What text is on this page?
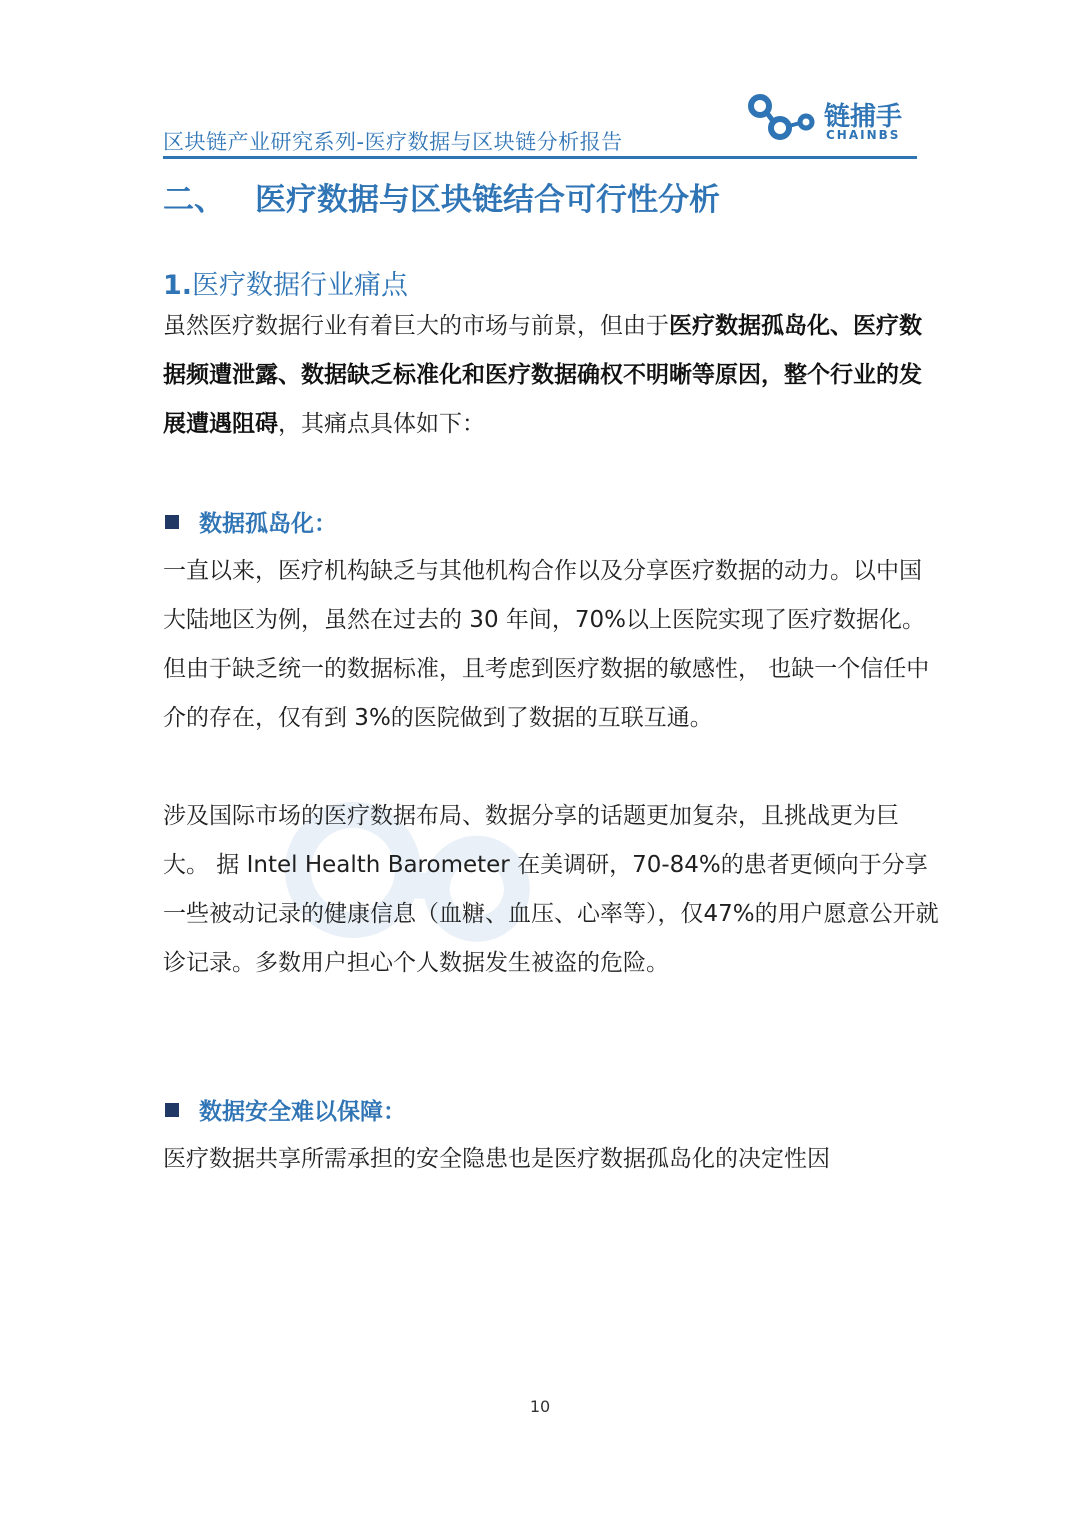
区块链产业研究系列-医疗数据与区块链分析报告
链捕手
CHAINBS
二、 医疗数据与区块链结合可行性分析
1.医疗数据行业痛点
虽然医疗数据行业有着巨大的市场与前景，但由于医疗数据孤岛化、医疗数据频遭泄露、数据缺乏标准化和医疗数据确权不明晰等原因，整个行业的发展遭遇阻碍，其痛点具体如下：
数据孤岛化：
一直以来，医疗机构缺乏与其他机构合作以及分享医疗数据的动力。以中国大陆地区为例，虽然在过去的 30 年间，70%以上医院实现了医疗数据化。但由于缺乏统一的数据标准，且考虑到医疗数据的敏感性， 也缺一个信任中介的存在，仅有到 3%的医院做到了数据的互联互通。
涉及国际市场的医疗数据布局、数据分享的话题更加复杂，且挑战更为巨大。 据 Intel Health Barometer 在美调研，70-84%的患者更倾向于分享一些被动记录的健康信息（血糖、血压、心率等），仅47%的用户愿意公开就诊记录。多数用户担心个人数据发生被盗的危险。
数据安全难以保障：
医疗数据共享所需承担的安全隐患也是医疗数据孤岛化的决定性因
10
